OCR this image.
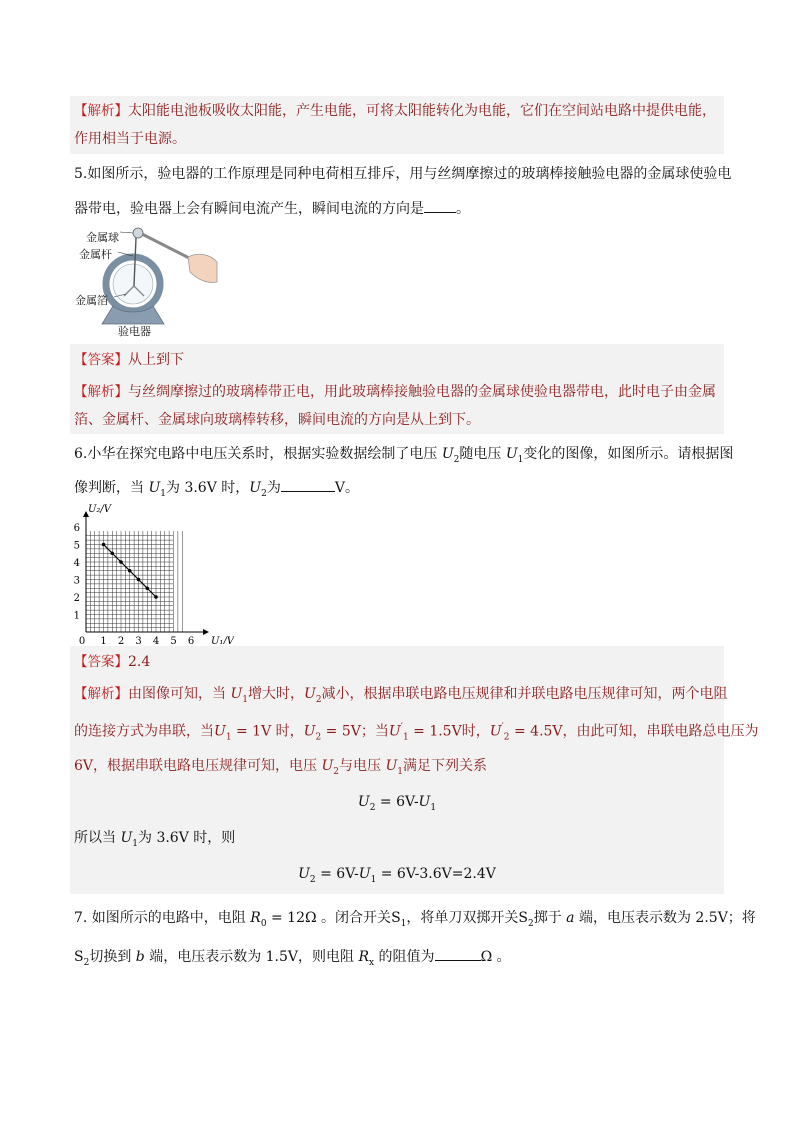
【解析】太阳能电池板吸收太阳能，产生电能，可将太阳能转化为电能，它们在空间站电路中提供电能，
作用相当于电源。
5.如图所示，验电器的工作原理是同种电荷相互排斥，用与丝绸摩擦过的玻璃棒接触验电器的金属球使验电
器带电，验电器上会有瞬间电流产生，瞬间电流的方向是 。
金属球
金属杆
金属箔
验电器
【答案】从上到下
【解析】与丝绸摩擦过的玻璃棒带正电，用此玻璃棒接触验电器的金属球使验电器带电，此时电子由金属
箔、金属杆、金属球向玻璃棒转移，瞬间电流的方向是从上到下。
6.小华在探究电路中电压关系时，根据实验数据绘制了电压 $U_2$随电压 $U_1$变化的图像，如图所示。请根据图
像判断，当 $U_1$为 3.6V 时，$U_2$为	V。
0 1 2 3 4 5 6
1
2
3
4
5
6
U₂/V
U₁/V
【答案】2.4
【解析】由图像可知，当 $U_1$增大时，$U_2$减小，根据串联电路电压规律和并联电路电压规律可知，两个电阻
的连接方式为串联，当$U_1 = 1V$ 时，$U_2 = 5V$；当$U'_1 = 1.5V$时，$U'_2 = 4.5V$，由此可知，串联电路总电压为
6V，根据串联电路电压规律可知，电压 $U_2$与电压 $U_1$满足下列关系
$U_2 = 6V-U_1$
所以当 $U_1$为 3.6V 时，则
$U_2 = 6V-U_1 = 6V-3.6V=2.4V$
7. 如图所示的电路中，电阻 $R_0 = 12\Omega$ 。闭合开关$S_1$，将单刀双掷开关$S_2$掷于 a 端，电压表示数为 2.5V；将
$S_2$切换到 b 端，电压表示数为 1.5V，则电阻 $R_x$ 的阻值为	Ω 。
